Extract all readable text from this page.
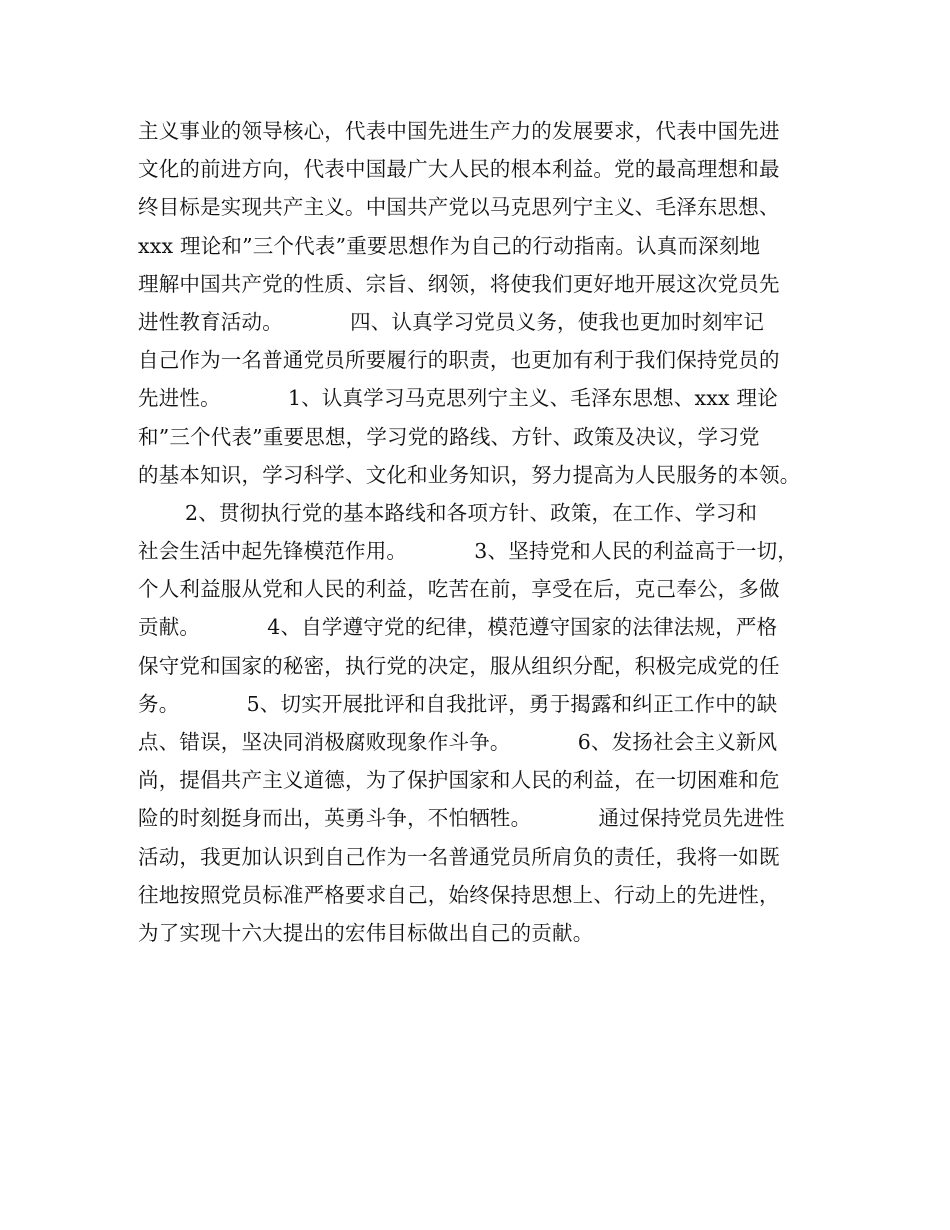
主义事业的领导核心，代表中国先进生产力的发展要求，代表中国先进
文化的前进方向，代表中国最广大人民的根本利益。党的最高理想和最
终目标是实现共产主义。中国共产党以马克思列宁主义、毛泽东思想、
xxx 理论和”三个代表”重要思想作为自己的行动指南。认真而深刻地
理解中国共产党的性质、宗旨、纲领，将使我们更好地开展这次党员先
进性教育活动。          四、认真学习党员义务，使我也更加时刻牢记
自己作为一名普通党员所要履行的职责，也更加有利于我们保持党员的
先进性。          1、认真学习马克思列宁主义、毛泽东思想、xxx 理论
和”三个代表”重要思想，学习党的路线、方针、政策及决议，学习党
的基本知识，学习科学、文化和业务知识，努力提高为人民服务的本领。
2、贯彻执行党的基本路线和各项方针、政策，在工作、学习和
社会生活中起先锋模范作用。          3、坚持党和人民的利益高于一切，
个人利益服从党和人民的利益，吃苦在前，享受在后，克己奉公，多做
贡献。          4、自学遵守党的纪律，模范遵守国家的法律法规，严格
保守党和国家的秘密，执行党的决定，服从组织分配，积极完成党的任
务。          5、切实开展批评和自我批评，勇于揭露和纠正工作中的缺
点、错误，坚决同消极腐败现象作斗争。          6、发扬社会主义新风
尚，提倡共产主义道德，为了保护国家和人民的利益，在一切困难和危
险的时刻挺身而出，英勇斗争，不怕牺牲。          通过保持党员先进性
活动，我更加认识到自己作为一名普通党员所肩负的责任，我将一如既
往地按照党员标准严格要求自己，始终保持思想上、行动上的先进性，
为了实现十六大提出的宏伟目标做出自己的贡献。
